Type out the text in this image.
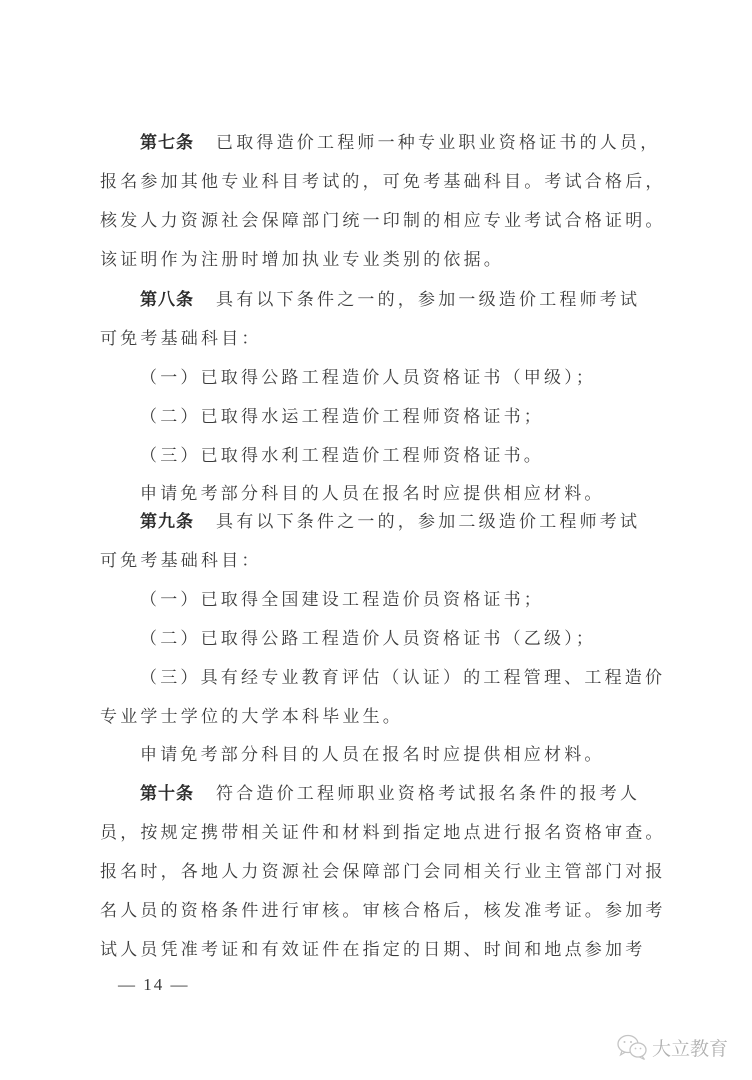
第七条 已取得造价工程师一种专业职业资格证书的人员，
报名参加其他专业科目考试的，可免考基础科目。考试合格后，
核发人力资源社会保障部门统一印制的相应专业考试合格证明。
该证明作为注册时增加执业专业类别的依据。
第八条 具有以下条件之一的，参加一级造价工程师考试
可免考基础科目：
（一）已取得公路工程造价人员资格证书（甲级）；
（二）已取得水运工程造价工程师资格证书；
（三）已取得水利工程造价工程师资格证书。
申请免考部分科目的人员在报名时应提供相应材料。
第九条 具有以下条件之一的，参加二级造价工程师考试
可免考基础科目：
（一）已取得全国建设工程造价员资格证书；
（二）已取得公路工程造价人员资格证书（乙级）；
（三）具有经专业教育评估（认证）的工程管理、工程造价
专业学士学位的大学本科毕业生。
申请免考部分科目的人员在报名时应提供相应材料。
第十条 符合造价工程师职业资格考试报名条件的报考人
员，按规定携带相关证件和材料到指定地点进行报名资格审查。
报名时，各地人力资源社会保障部门会同相关行业主管部门对报
名人员的资格条件进行审核。审核合格后，核发准考证。参加考
试人员凭准考证和有效证件在指定的日期、时间和地点参加考
— 14 —
大立教育
